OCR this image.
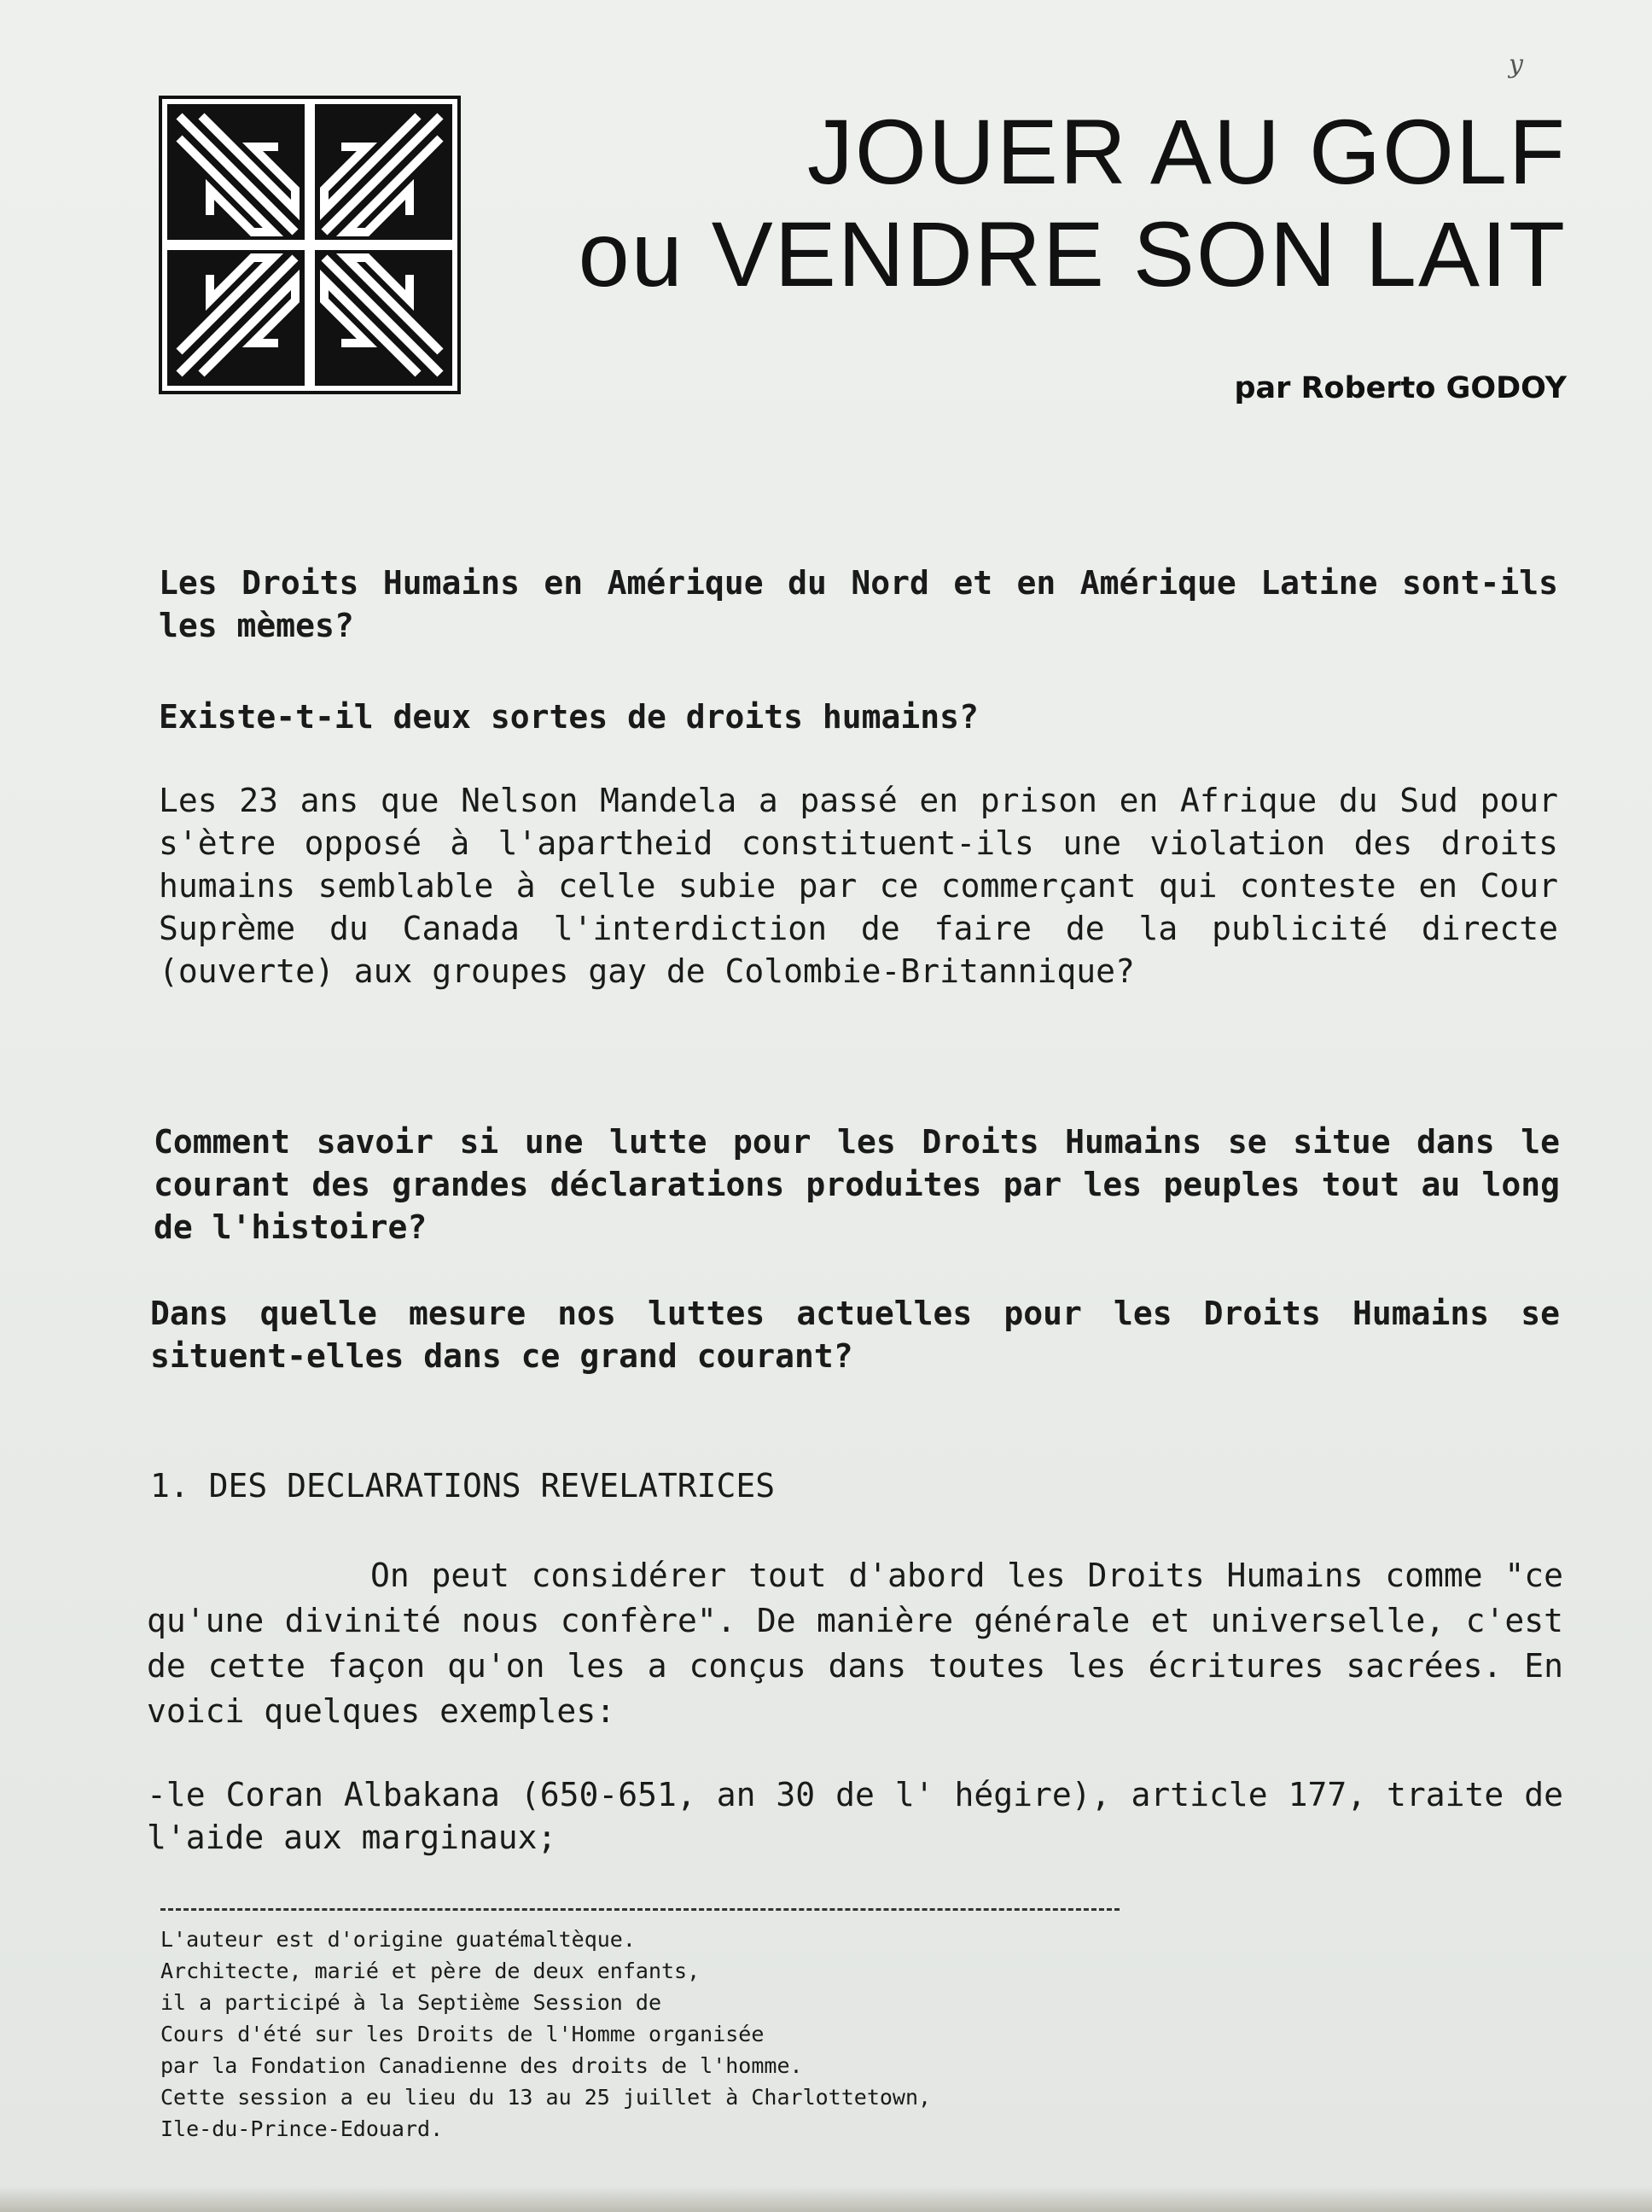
y
JOUER AU GOLF
ou VENDRE SON LAIT
par Roberto GODOY

Les Droits Humains en Amérique du Nord et en Amérique Latine sont-ils les mèmes?

Existe-t-il deux sortes de droits humains?

Les 23 ans que Nelson Mandela a passé en prison en Afrique du Sud pour s'ètre opposé à l'apartheid constituent-ils une violation des droits humains semblable à celle subie par ce commerçant qui conteste en Cour Suprème du Canada l'interdiction de faire de la publicité directe (ouverte) aux groupes gay de Colombie-Britannique?

Comment savoir si une lutte pour les Droits Humains se situe dans le courant des grandes déclarations produites par les peuples tout au long de l'histoire?

Dans quelle mesure nos luttes actuelles pour les Droits Humains se situent-elles dans ce grand courant?

1. DES DECLARATIONS REVELATRICES

On peut considérer tout d'abord les Droits Humains comme "ce qu'une divinité nous confère". De manière générale et universelle, c'est de cette façon qu'on les a conçus dans toutes les écritures sacrées. En voici quelques exemples:

-le Coran Albakana (650-651, an 30 de l' hégire), article 177, traite de l'aide aux marginaux;

L'auteur est d'origine guatémaltèque.
Architecte, marié et père de deux enfants,
il a participé à la Septième Session de
Cours d'été sur les Droits de l'Homme organisée
par la Fondation Canadienne des droits de l'homme.
Cette session a eu lieu du 13 au 25 juillet à Charlottetown,
Ile-du-Prince-Edouard.
